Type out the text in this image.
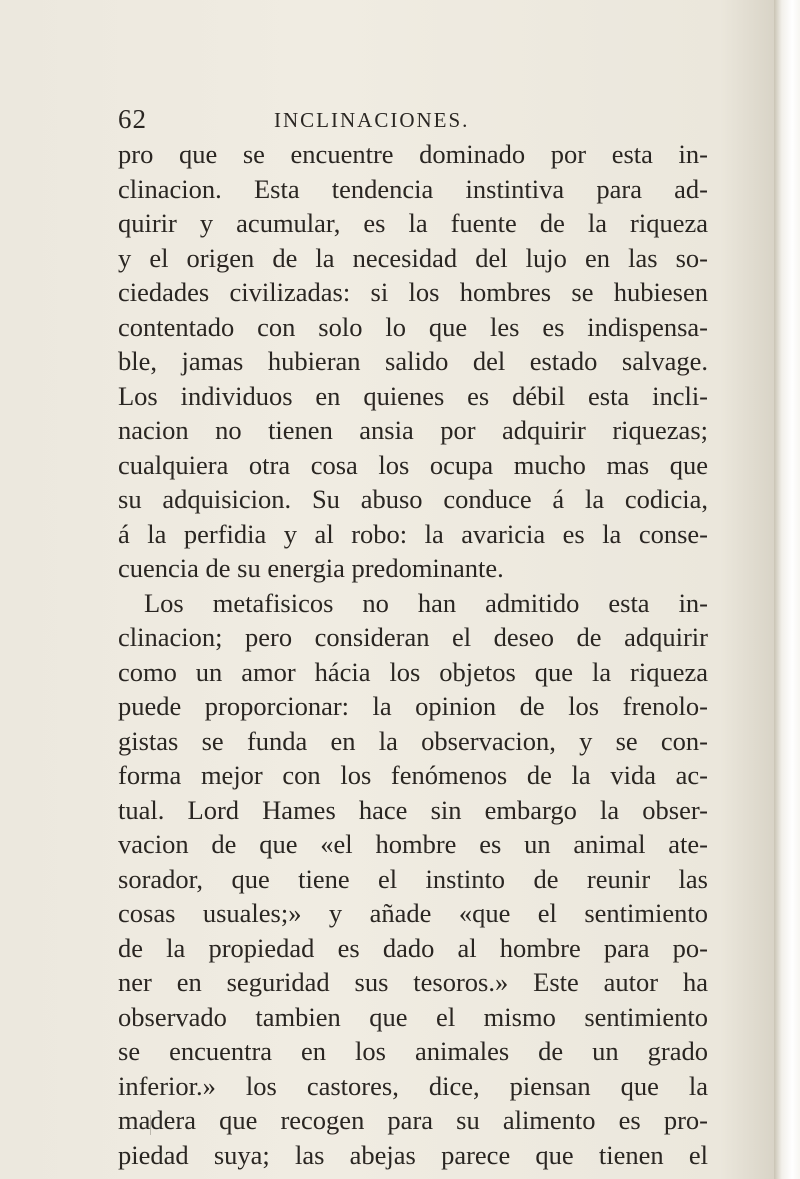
62	INCLINACIONES.
pro que se encuentre dominado por esta in-
clinacion. Esta tendencia instintiva para ad-
quirir y acumular, es la fuente de la riqueza
y el origen de la necesidad del lujo en las so-
ciedades civilizadas: si los hombres se hubiesen
contentado con solo lo que les es indispensa-
ble, jamas hubieran salido del estado salvage.
Los individuos en quienes es débil esta incli-
nacion no tienen ansia por adquirir riquezas;
cualquiera otra cosa los ocupa mucho mas que
su adquisicion. Su abuso conduce á la codicia,
á la perfidia y al robo: la avaricia es la conse-
cuencia de su energia predominante.
Los metafisicos no han admitido esta in-
clinacion; pero consideran el deseo de adquirir
como un amor hácia los objetos que la riqueza
puede proporcionar: la opinion de los frenolo-
gistas se funda en la observacion, y se con-
forma mejor con los fenómenos de la vida ac-
tual. Lord Hames hace sin embargo la obser-
vacion de que «el hombre es un animal ate-
sorador, que tiene el instinto de reunir las
cosas usuales;» y añade «que el sentimiento
de la propiedad es dado al hombre para po-
ner en seguridad sus tesoros.» Este autor ha
observado tambien que el mismo sentimiento
se encuentra en los animales de un grado
inferior.» los castores, dice, piensan que la
madera que recogen para su alimento es pro-
piedad suya; las abejas parece que tienen el
